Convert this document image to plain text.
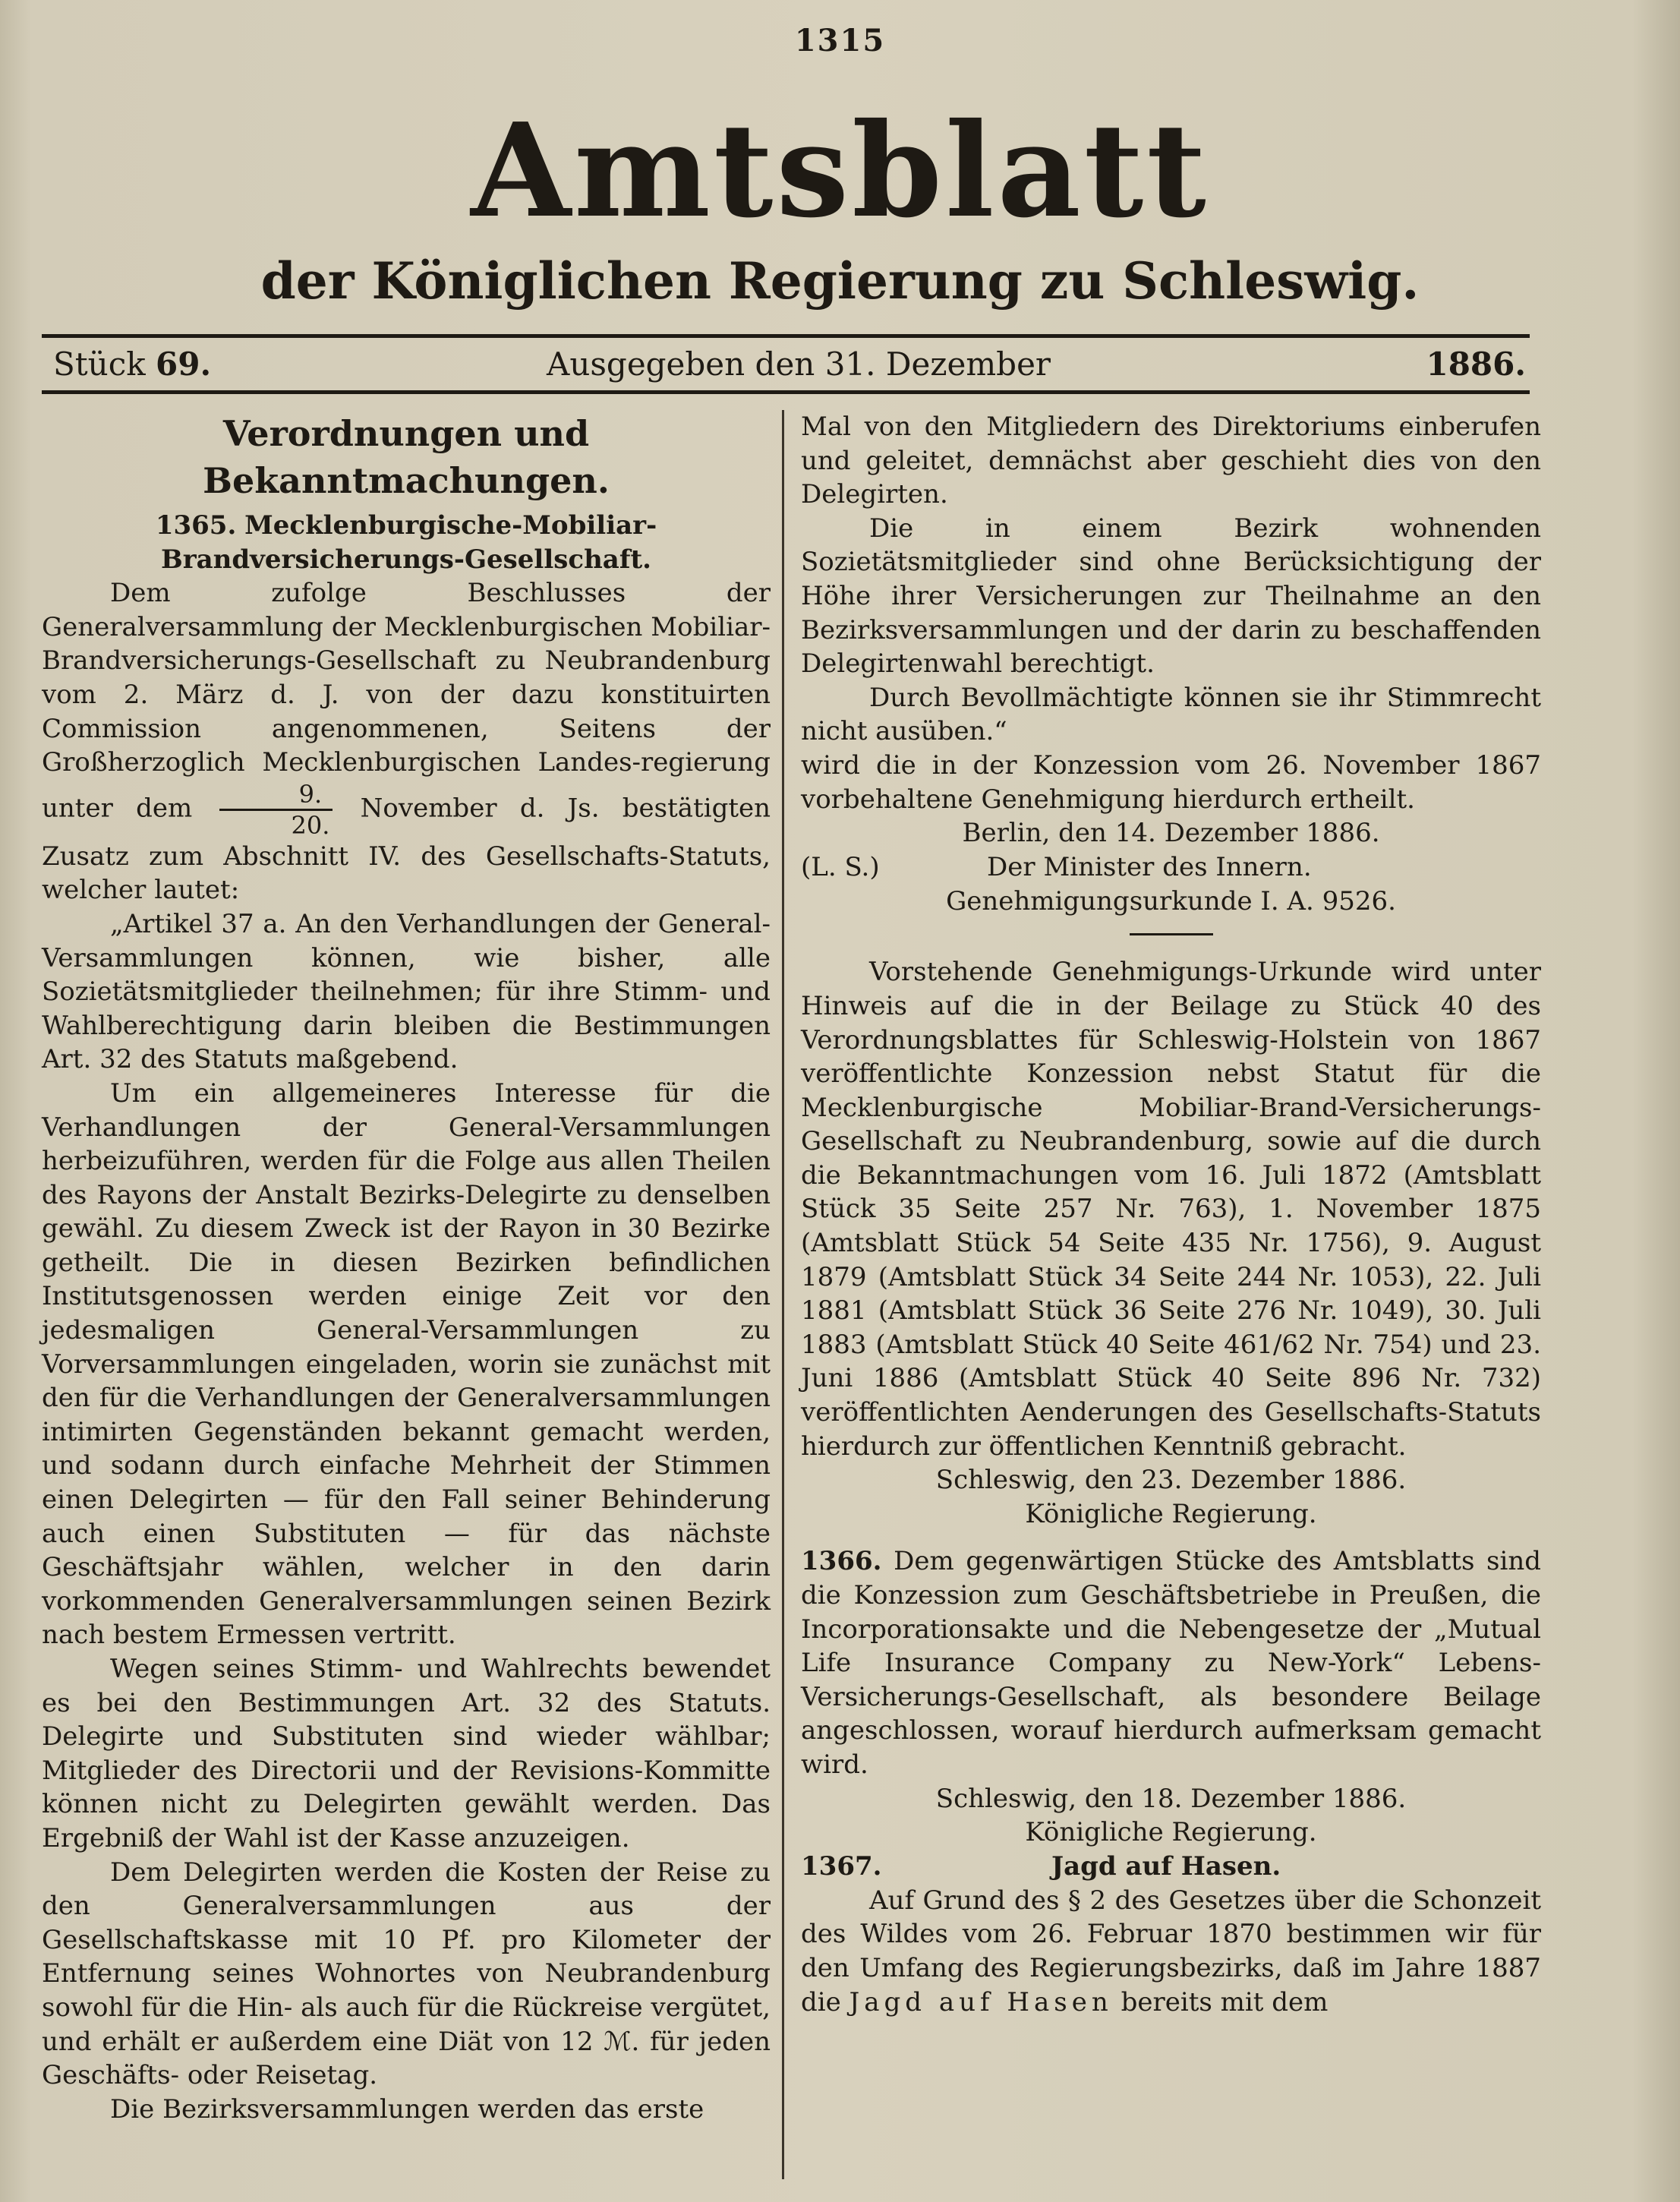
1315
Amtsblatt
der Königlichen Regierung zu Schleswig.
Stück 69.	Ausgegeben den 31. Dezember	1886.

Verordnungen und Bekanntmachungen.

1365. Mecklenburgische-Mobiliar-Brandversicherungs-Gesellschaft.

Dem zufolge Beschlusses der Generalversammlung der Mecklenburgischen Mobiliar-Brandversicherungs-Gesellschaft zu Neubrandenburg vom 2. März d. J. von der dazu konstituirten Commission angenommenen, Seitens der Großherzoglich Mecklenburgischen Landes-regierung unter dem $\frac{9.}{20.}$ November d. Js. bestätigten Zusatz zum Abschnitt IV. des Gesellschafts-Statuts, welcher lautet:

„Artikel 37 a. An den Verhandlungen der General-Versammlungen können, wie bisher, alle Sozietätsmitglieder theilnehmen; für ihre Stimm- und Wahlberechtigung darin bleiben die Bestimmungen Art. 32 des Statuts maßgebend.

Um ein allgemeineres Interesse für die Verhandlungen der General-Versammlungen herbeizuführen, werden für die Folge aus allen Theilen des Rayons der Anstalt Bezirks-Delegirte zu denselben gewähl. Zu diesem Zweck ist der Rayon in 30 Bezirke getheilt. Die in diesen Bezirken befindlichen Institutsgenossen werden einige Zeit vor den jedesmaligen General-Versammlungen zu Vorversammlungen eingeladen, worin sie zunächst mit den für die Verhandlungen der Generalversammlungen intimirten Gegenständen bekannt gemacht werden, und sodann durch einfache Mehrheit der Stimmen einen Delegirten — für den Fall seiner Behinderung auch einen Substituten — für das nächste Geschäftsjahr wählen, welcher in den darin vorkommenden Generalversammlungen seinen Bezirk nach bestem Ermessen vertritt.

Wegen seines Stimm- und Wahlrechts bewendet es bei den Bestimmungen Art. 32 des Statuts. Delegirte und Substituten sind wieder wählbar; Mitglieder des Directorii und der Revisions-Kommitte können nicht zu Delegirten gewählt werden. Das Ergebniß der Wahl ist der Kasse anzuzeigen.

Dem Delegirten werden die Kosten der Reise zu den Generalversammlungen aus der Gesellschaftskasse mit 10 Pf. pro Kilometer der Entfernung seines Wohnortes von Neubrandenburg sowohl für die Hin- als auch für die Rückreise vergütet, und erhält er außerdem eine Diät von 12 ℳ. für jeden Geschäfts- oder Reisetag.

Die Bezirksversammlungen werden das erste

Mal von den Mitgliedern des Direktoriums einberufen und geleitet, demnächst aber geschieht dies von den Delegirten.

Die in einem Bezirk wohnenden Sozietätsmitglieder sind ohne Berücksichtigung der Höhe ihrer Versicherungen zur Theilnahme an den Bezirksversammlungen und der darin zu beschaffenden Delegirtenwahl berechtigt.

Durch Bevollmächtigte können sie ihr Stimmrecht nicht ausüben.“

wird die in der Konzession vom 26. November 1867 vorbehaltene Genehmigung hierdurch ertheilt.

Berlin, den 14. Dezember 1886.

(L. S.)	Der Minister des Innern.

Genehmigungsurkunde I. A. 9526.

Vorstehende Genehmigungs-Urkunde wird unter Hinweis auf die in der Beilage zu Stück 40 des Verordnungsblattes für Schleswig-Holstein von 1867 veröffentlichte Konzession nebst Statut für die Mecklenburgische Mobiliar-Brand-Versicherungs-Gesellschaft zu Neubrandenburg, sowie auf die durch die Bekanntmachungen vom 16. Juli 1872 (Amtsblatt Stück 35 Seite 257 Nr. 763), 1. November 1875 (Amtsblatt Stück 54 Seite 435 Nr. 1756), 9. August 1879 (Amtsblatt Stück 34 Seite 244 Nr. 1053), 22. Juli 1881 (Amtsblatt Stück 36 Seite 276 Nr. 1049), 30. Juli 1883 (Amtsblatt Stück 40 Seite 461/62 Nr. 754) und 23. Juni 1886 (Amtsblatt Stück 40 Seite 896 Nr. 732) veröffentlichten Aenderungen des Gesellschafts-Statuts hierdurch zur öffentlichen Kenntniß gebracht.

Schleswig, den 23. Dezember 1886.

Königliche Regierung.

1366. Dem gegenwärtigen Stücke des Amtsblatts sind die Konzession zum Geschäftsbetriebe in Preußen, die Incorporationsakte und die Nebengesetze der „Mutual Life Insurance Company zu New-York“ Lebens-Versicherungs-Gesellschaft, als besondere Beilage angeschlossen, worauf hierdurch aufmerksam gemacht wird.

Schleswig, den 18. Dezember 1886.

Königliche Regierung.

1367.	Jagd auf Hasen.

Auf Grund des § 2 des Gesetzes über die Schonzeit des Wildes vom 26. Februar 1870 bestimmen wir für den Umfang des Regierungsbezirks, daß im Jahre 1887 die Jagd auf Hasen bereits mit dem
